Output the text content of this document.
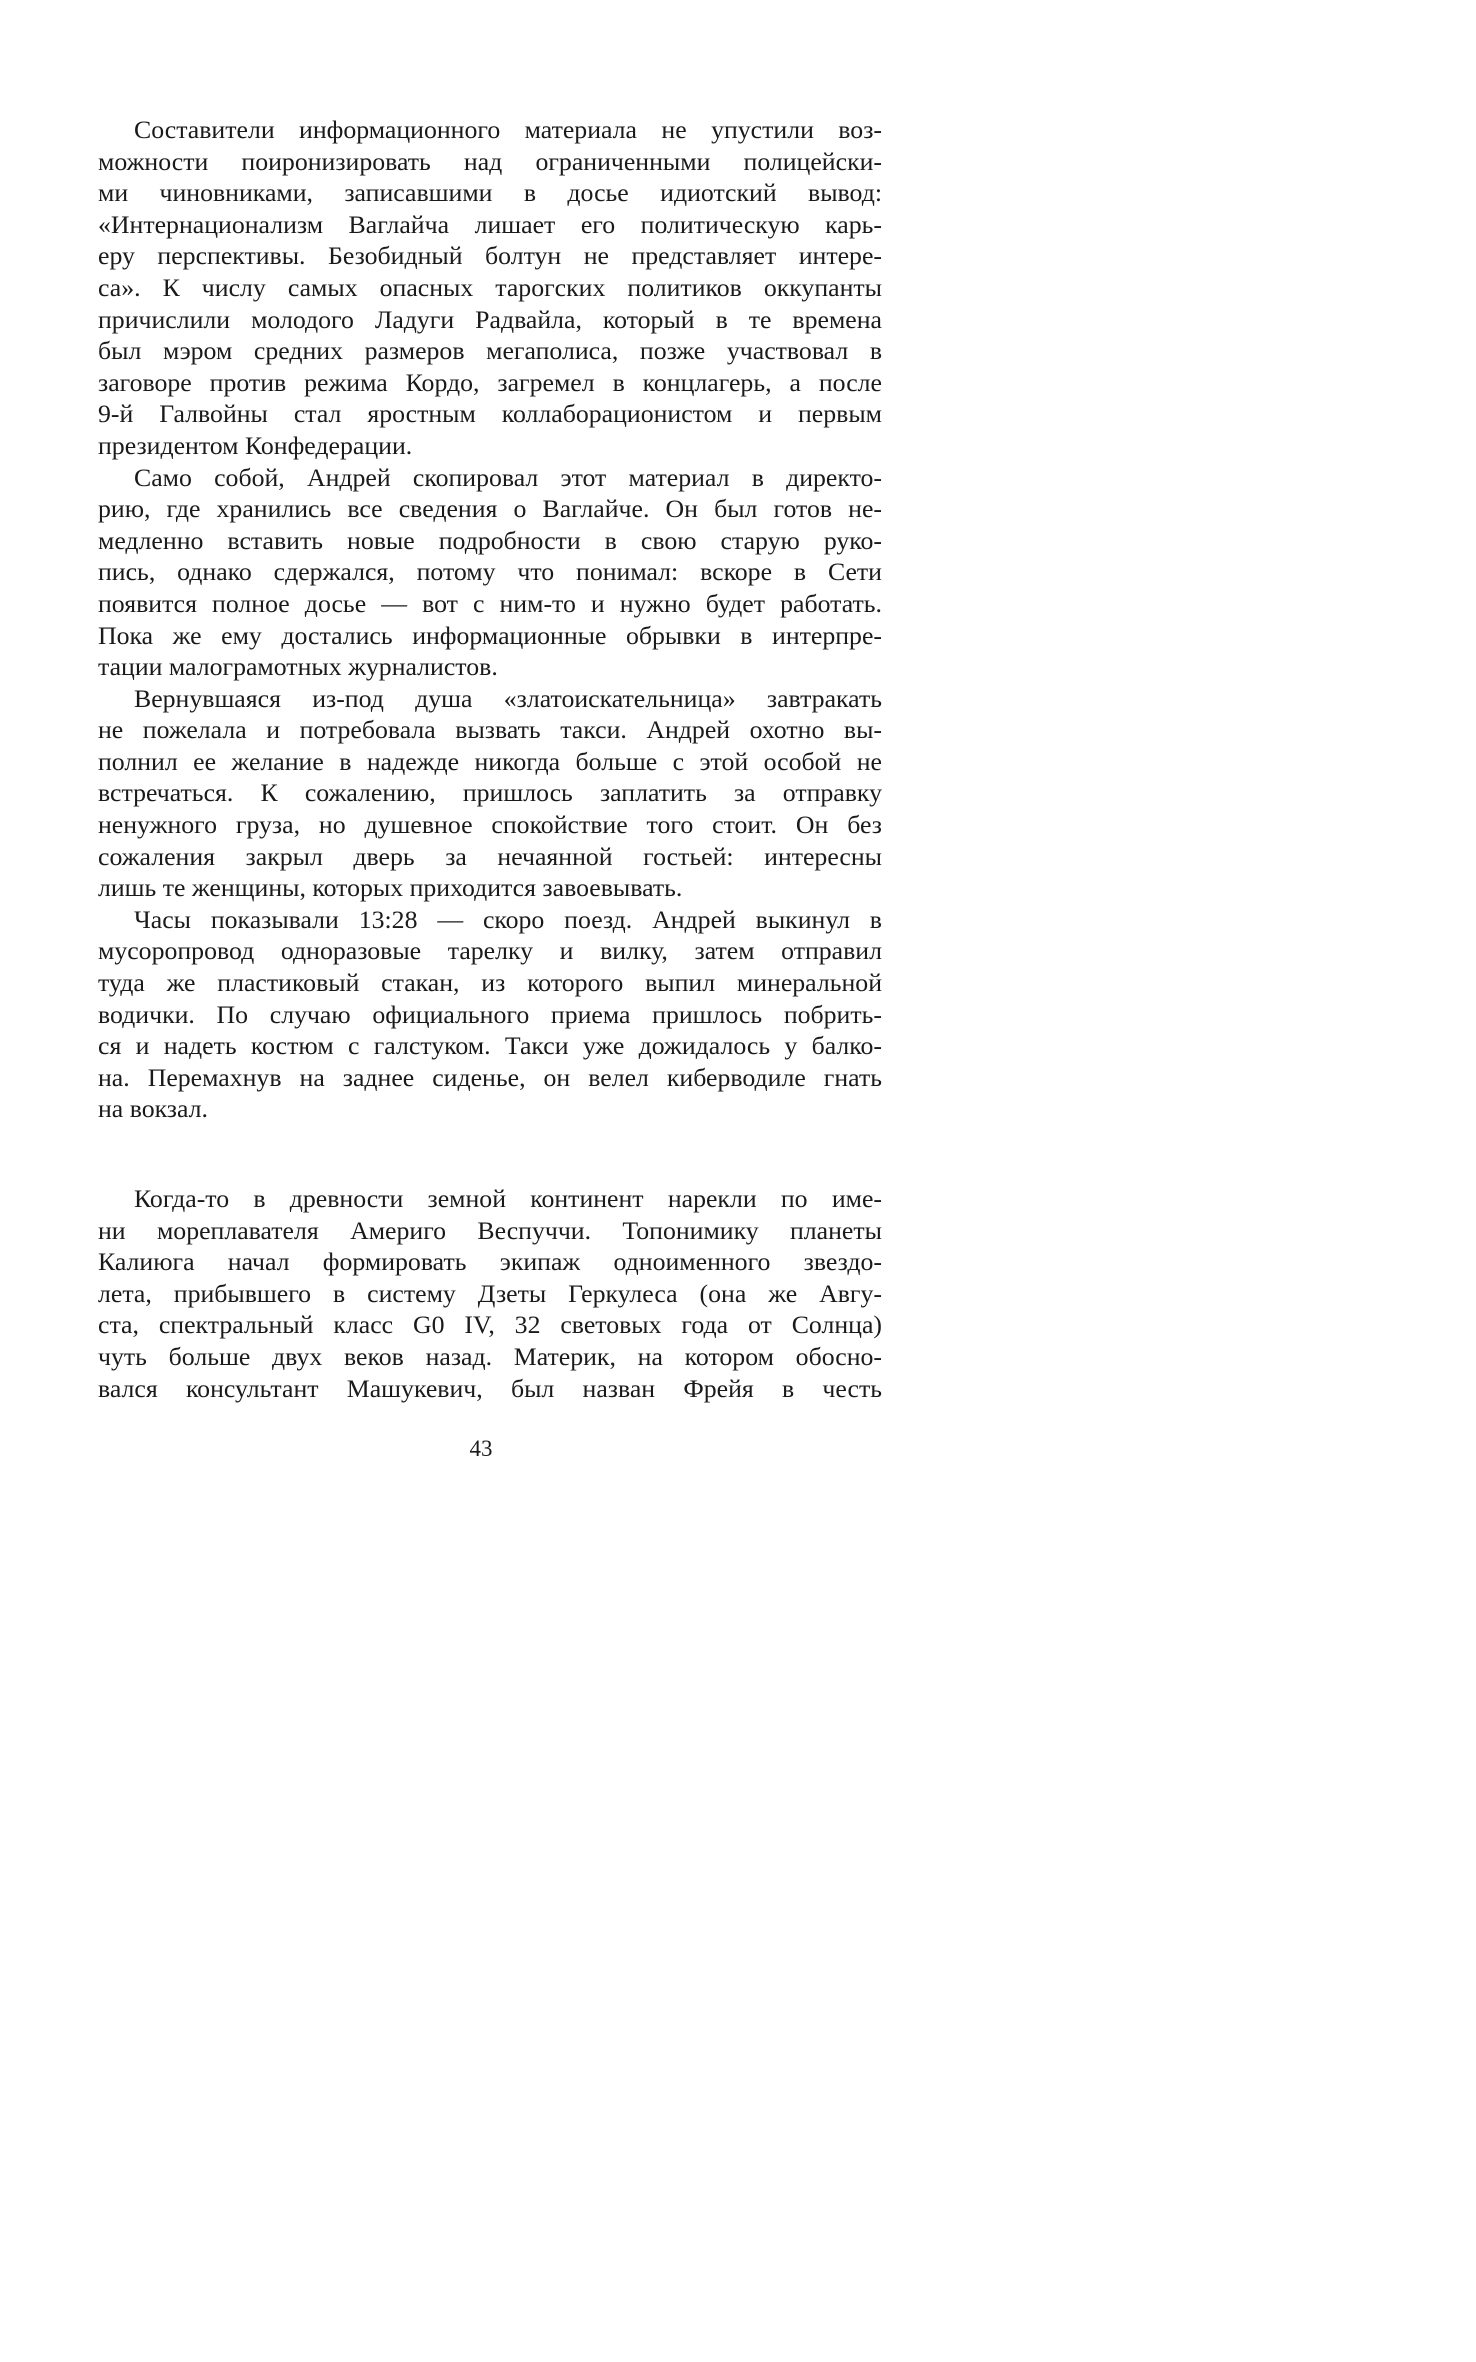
Составители информационного материала не упустили воз-
можности поиронизировать над ограниченными полицейски-
ми чиновниками, записавшими в досье идиотский вывод:
«Интернационализм Ваглайча лишает его политическую карь-
еру перспективы. Безобидный болтун не представляет интере-
са». К числу самых опасных тарогских политиков оккупанты
причислили молодого Ладуги Радвайла, который в те времена
был мэром средних размеров мегаполиса, позже участвовал в
заговоре против режима Кордо, загремел в концлагерь, а после
9-й Галвойны стал яростным коллаборационистом и первым
президентом Конфедерации.
Само собой, Андрей скопировал этот материал в директо-
рию, где хранились все сведения о Ваглайче. Он был готов не-
медленно вставить новые подробности в свою старую руко-
пись, однако сдержался, потому что понимал: вскоре в Сети
появится полное досье — вот с ним-то и нужно будет работать.
Пока же ему достались информационные обрывки в интерпре-
тации малограмотных журналистов.
Вернувшаяся из-под душа «златоискательница» завтракать
не пожелала и потребовала вызвать такси. Андрей охотно вы-
полнил ее желание в надежде никогда больше с этой особой не
встречаться. К сожалению, пришлось заплатить за отправку
ненужного груза, но душевное спокойствие того стоит. Он без
сожаления закрыл дверь за нечаянной гостьей: интересны
лишь те женщины, которых приходится завоевывать.
Часы показывали 13:28 — скоро поезд. Андрей выкинул в
мусоропровод одноразовые тарелку и вилку, затем отправил
туда же пластиковый стакан, из которого выпил минеральной
водички. По случаю официального приема пришлось побрить-
ся и надеть костюм с галстуком. Такси уже дожидалось у балко-
на. Перемахнув на заднее сиденье, он велел киберводиле гнать
на вокзал.
Когда-то в древности земной континент нарекли по име-
ни мореплавателя Америго Веспуччи. Топонимику планеты
Калиюга начал формировать экипаж одноименного звездо-
лета, прибывшего в систему Дзеты Геркулеса (она же Авгу-
ста, спектральный класс G0 IV, 32 световых года от Солнца)
чуть больше двух веков назад. Материк, на котором обосно-
вался консультант Машукевич, был назван Фрейя в честь
43
